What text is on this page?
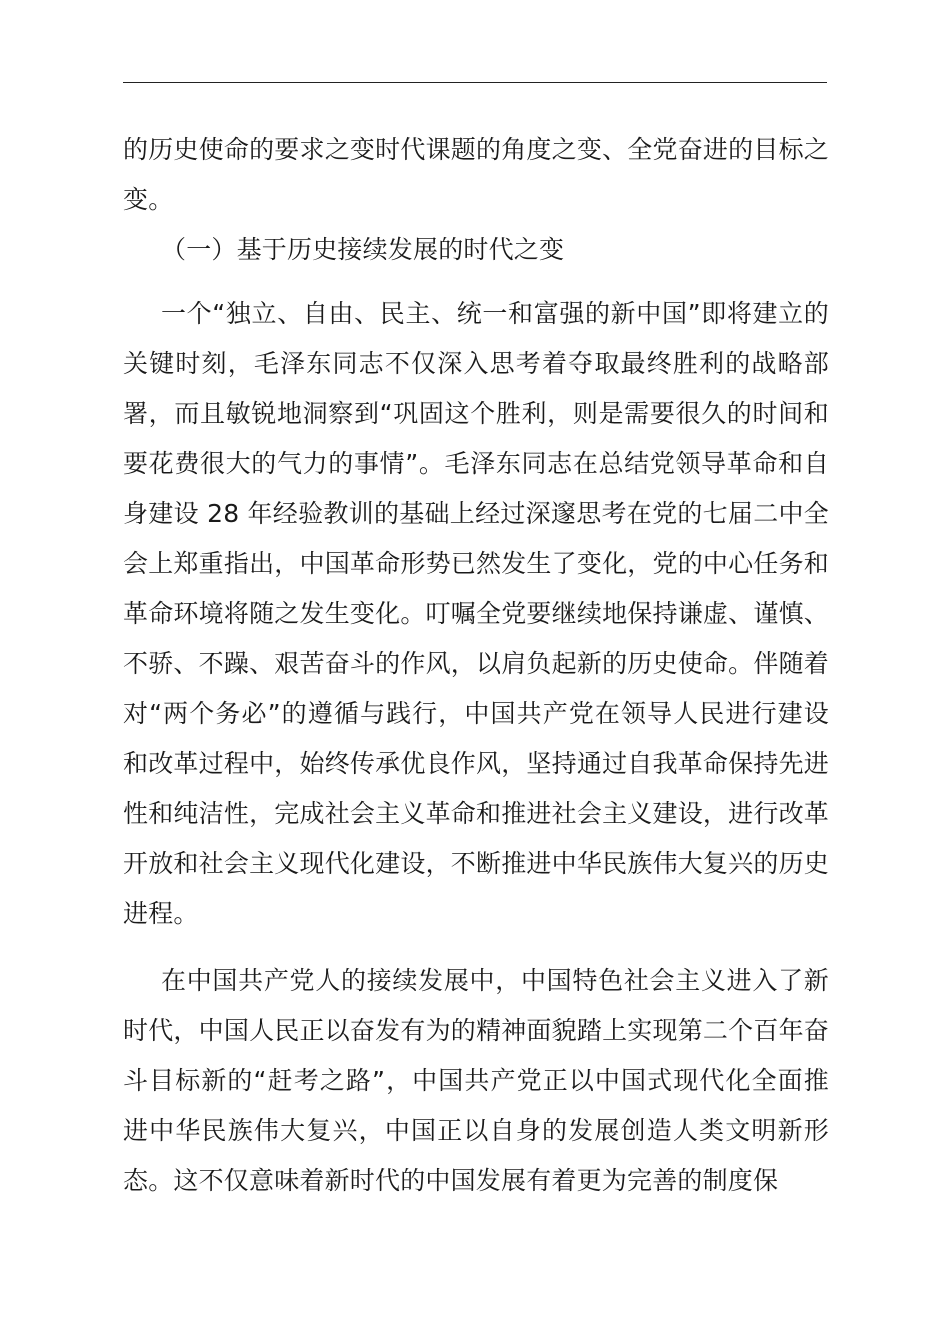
的历史使命的要求之变时代课题的角度之变、全党奋进的目标之变。

（一）基于历史接续发展的时代之变

一个“独立、自由、民主、统一和富强的新中国”即将建立的关键时刻，毛泽东同志不仅深入思考着夺取最终胜利的战略部署，而且敏锐地洞察到“巩固这个胜利，则是需要很久的时间和要花费很大的气力的事情”。毛泽东同志在总结党领导革命和自身建设 28 年经验教训的基础上经过深邃思考在党的七届二中全会上郑重指出，中国革命形势已然发生了变化，党的中心任务和革命环境将随之发生变化。叮嘱全党要继续地保持谦虚、谨慎、不骄、不躁、艰苦奋斗的作风，以肩负起新的历史使命。伴随着对“两个务必”的遵循与践行，中国共产党在领导人民进行建设和改革过程中，始终传承优良作风，坚持通过自我革命保持先进性和纯洁性，完成社会主义革命和推进社会主义建设，进行改革开放和社会主义现代化建设，不断推进中华民族伟大复兴的历史进程。

在中国共产党人的接续发展中，中国特色社会主义进入了新时代，中国人民正以奋发有为的精神面貌踏上实现第二个百年奋斗目标新的“赶考之路”，中国共产党正以中国式现代化全面推进中华民族伟大复兴，中国正以自身的发展创造人类文明新形态。这不仅意味着新时代的中国发展有着更为完善的制度保
